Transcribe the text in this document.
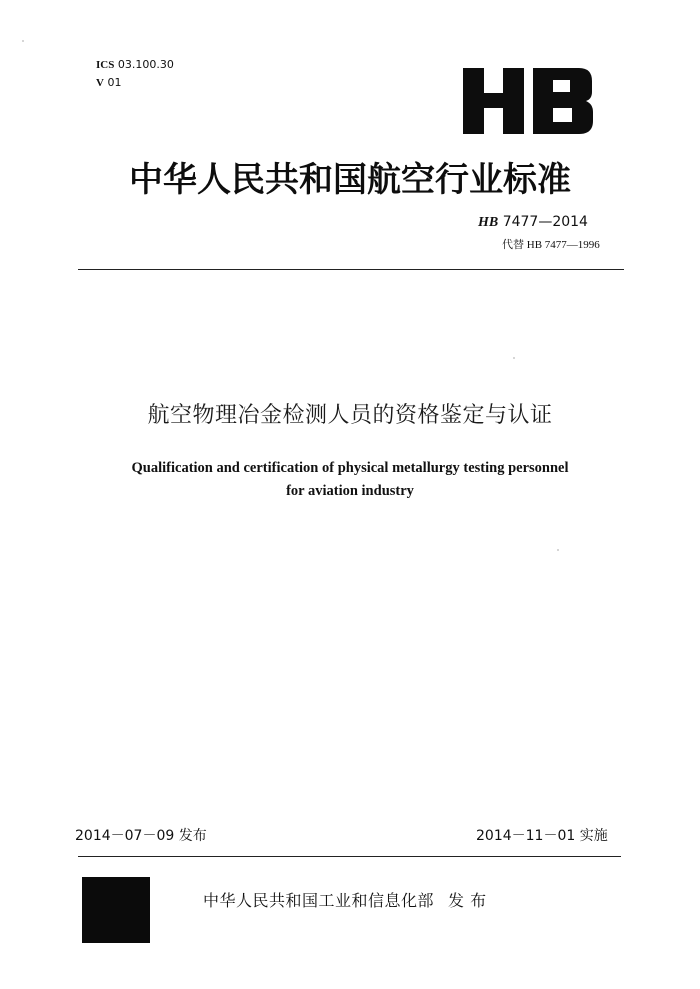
ICS 03.100.30
V 01
中华人民共和国航空行业标准
HB 7477—2014
代替 HB 7477—1996
航空物理冶金检测人员的资格鉴定与认证
Qualification and certification of physical metallurgy testing personnel
for aviation industry
2014－07－09 发布	2014－11－01 实施
中华人民共和国工业和信息化部 发 布
